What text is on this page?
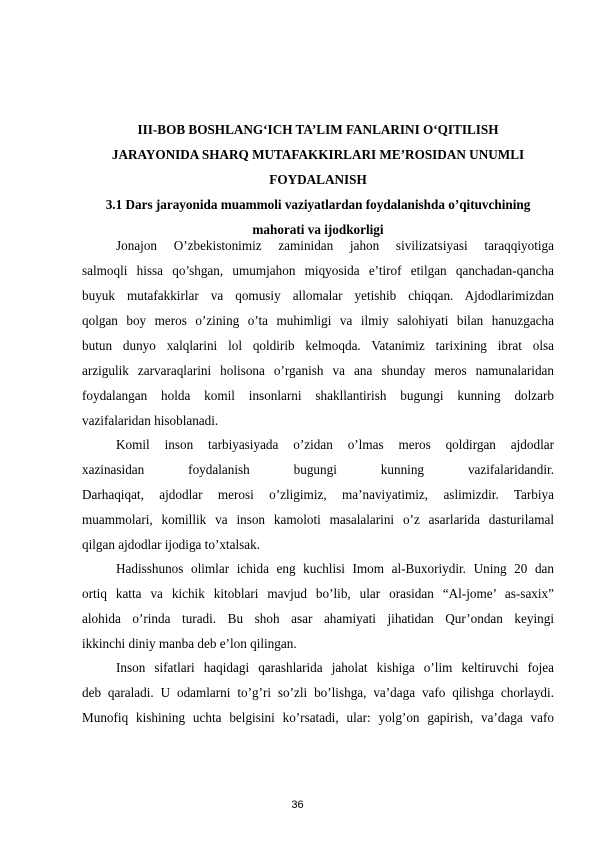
III-BOB BOSHLANG‘ICH TA’LIM FANLARINI O‘QITILISH
JARAYONIDA SHARQ MUTAFAKKIRLARI ME’ROSIDAN UNUMLI
FOYDALANISH
3.1 Dars jarayonida muammoli vaziyatlardan foydalanishda o’qituvchining
mahorati va ijodkorligi
Jonajon O’zbekistonimiz zaminidan jahon sivilizatsiyasi taraqqiyotiga
salmoqli hissa qo’shgan, umumjahon miqyosida e’tirof etilgan qanchadan-qancha
buyuk mutafakkirlar va qomusiy allomalar yetishib chiqqan. Ajdodlarimizdan
qolgan boy meros o’zining o’ta muhimligi va ilmiy salohiyati bilan hanuzgacha
butun dunyo xalqlarini lol qoldirib kelmoqda. Vatanimiz tarixining ibrat olsa
arzigulik zarvaraqlarini holisona o’rganish va ana shunday meros namunalaridan
foydalangan holda komil insonlarni shakllantirish bugungi kunning dolzarb
vazifalaridan hisoblanadi.
Komil inson tarbiyasiyada o’zidan o’lmas meros qoldirgan ajdodlar
xazinasidan foydalanish bugungi kunning vazifalaridandir.
Darhaqiqat, ajdodlar merosi o’zligimiz, ma’naviyatimiz, aslimizdir. Tarbiya
muammolari, komillik va inson kamoloti masalalarini o’z asarlarida dasturilamal
qilgan ajdodlar ijodiga to’xtalsak.
Hadisshunos olimlar ichida eng kuchlisi Imom al-Buxoriydir. Uning 20 dan
ortiq katta va kichik kitoblari mavjud bo’lib, ular orasidan “Al-jome’ as-saxix”
alohida o’rinda turadi. Bu shoh asar ahamiyati jihatidan Qur’ondan keyingi
ikkinchi diniy manba deb e’lon qilingan.
Inson sifatlari haqidagi qarashlarida jaholat kishiga o’lim keltiruvchi fojea
deb qaraladi. U odamlarni to’g’ri so’zli bo’lishga, va’daga vafo qilishga chorlaydi.
Munofiq kishining uchta belgisini ko’rsatadi, ular: yolg’on gapirish, va’daga vafo
36
